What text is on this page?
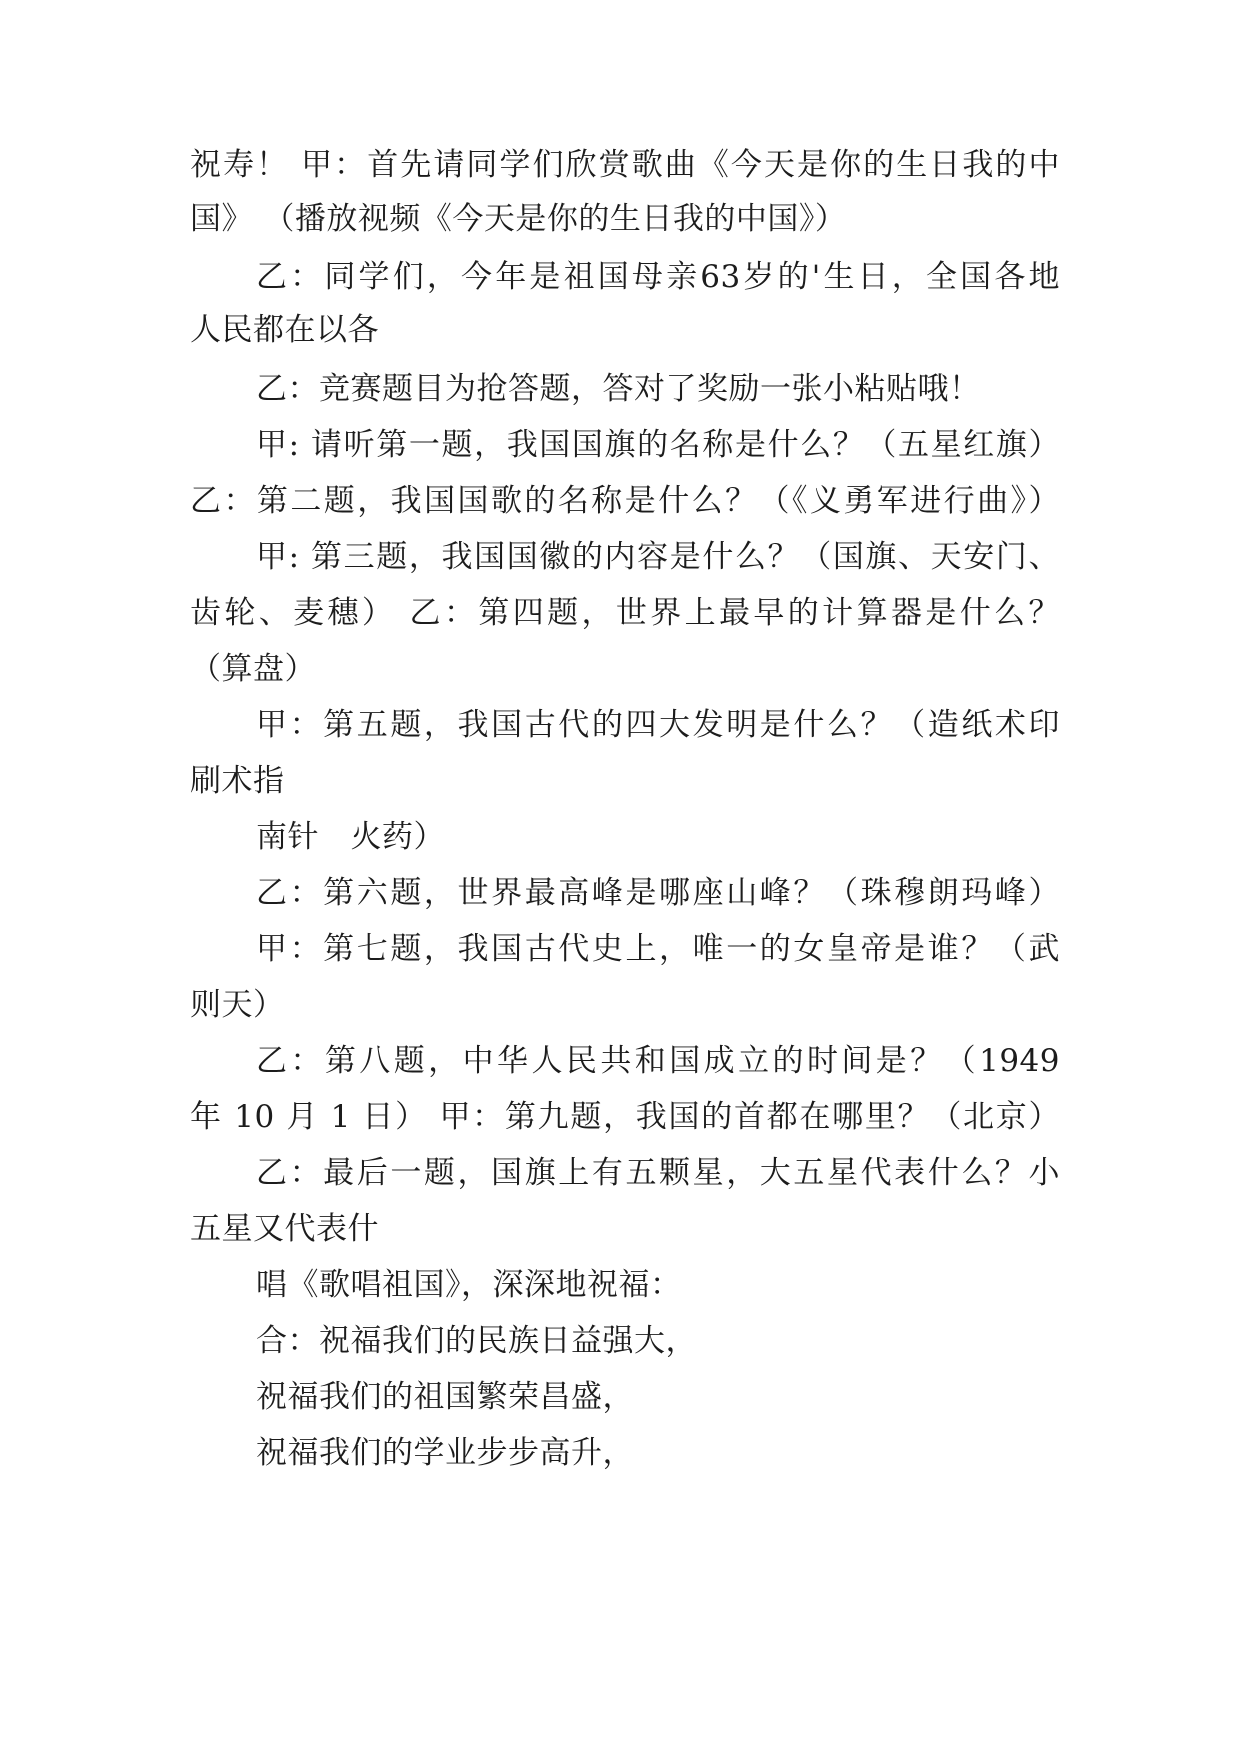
祝寿！ 甲：首先请同学们欣赏歌曲《今天是你的生日我的中
国》 （播放视频《今天是你的生日我的中国》）
乙：同学们，今年是祖国母亲63岁的'生日，全国各地
人民都在以各
乙：竞赛题目为抢答题，答对了奖励一张小粘贴哦！
甲: 请听第一题，我国国旗的名称是什么？（五星红旗）
乙：第二题，我国国歌的名称是什么？（《义勇军进行曲》）
甲: 第三题，我国国徽的内容是什么？（国旗、天安门、
齿轮、麦穗） 乙：第四题，世界上最早的计算器是什么？
（算盘）
甲：第五题，我国古代的四大发明是什么？（造纸术印
刷术指
南针　火药）
乙：第六题，世界最高峰是哪座山峰？（珠穆朗玛峰）
甲：第七题，我国古代史上，唯一的女皇帝是谁？（武
则天）
乙：第八题，中华人民共和国成立的时间是？（1949
年 10 月 1 日） 甲：第九题，我国的首都在哪里？（北京）
乙：最后一题，国旗上有五颗星，大五星代表什么？小
五星又代表什
唱《歌唱祖国》，深深地祝福：
合：祝福我们的民族日益强大，
祝福我们的祖国繁荣昌盛，
祝福我们的学业步步高升，
